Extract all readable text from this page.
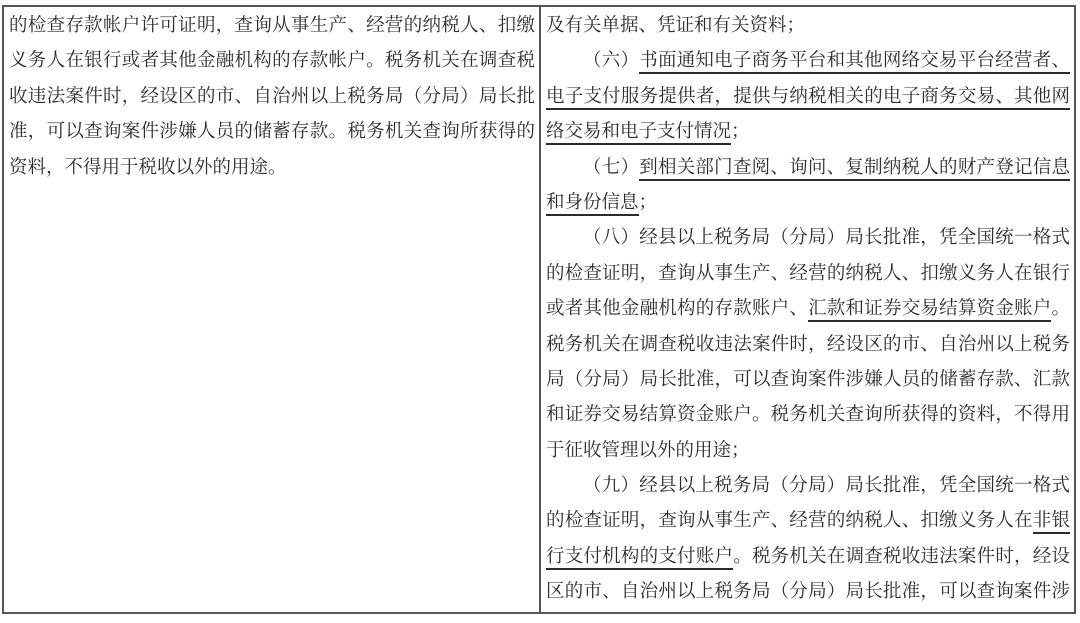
的检查存款帐户许可证明，查询从事生产、经营的纳税人、扣缴
义务人在银行或者其他金融机构的存款帐户。税务机关在调查税
收违法案件时，经设区的市、自治州以上税务局（分局）局长批
准，可以查询案件涉嫌人员的储蓄存款。税务机关查询所获得的
资料，不得用于税收以外的用途。
及有关单据、凭证和有关资料；
（六）书面通知电子商务平台和其他网络交易平台经营者、
电子支付服务提供者，提供与纳税相关的电子商务交易、其他网
络交易和电子支付情况；
（七）到相关部门查阅、询问、复制纳税人的财产登记信息
和身份信息；
（八）经县以上税务局（分局）局长批准，凭全国统一格式
的检查证明，查询从事生产、经营的纳税人、扣缴义务人在银行
或者其他金融机构的存款账户、汇款和证券交易结算资金账户。
税务机关在调查税收违法案件时，经设区的市、自治州以上税务
局（分局）局长批准，可以查询案件涉嫌人员的储蓄存款、汇款
和证券交易结算资金账户。税务机关查询所获得的资料，不得用
于征收管理以外的用途；
（九）经县以上税务局（分局）局长批准，凭全国统一格式
的检查证明，查询从事生产、经营的纳税人、扣缴义务人在非银
行支付机构的支付账户。税务机关在调查税收违法案件时，经设
区的市、自治州以上税务局（分局）局长批准，可以查询案件涉
